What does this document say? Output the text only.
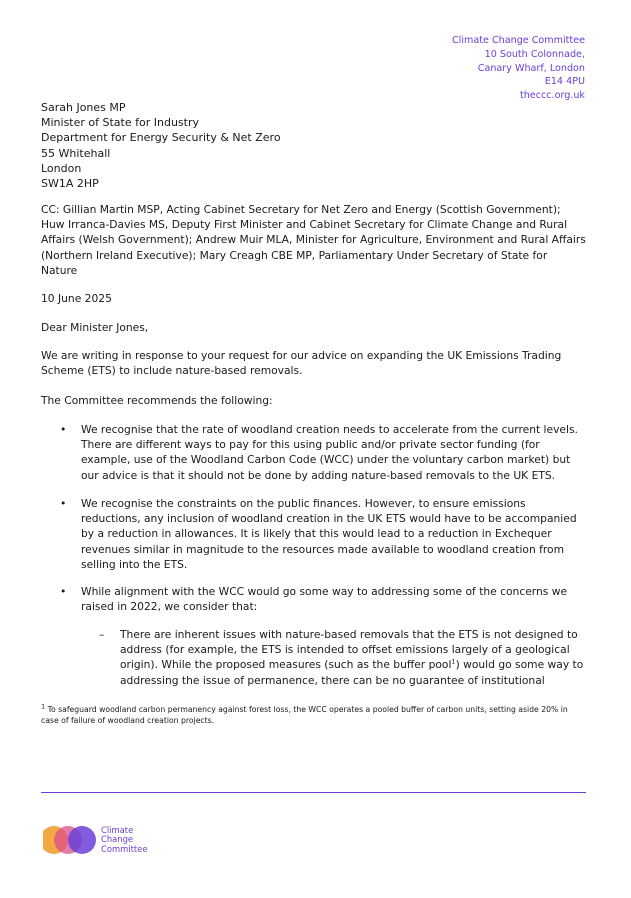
Climate Change Committee
10 South Colonnade,
Canary Wharf, London
E14 4PU
theccc.org.uk
Sarah Jones MP
Minister of State for Industry
Department for Energy Security & Net Zero
55 Whitehall
London
SW1A 2HP
CC: Gillian Martin MSP, Acting Cabinet Secretary for Net Zero and Energy (Scottish Government); Huw Irranca-Davies MS, Deputy First Minister and Cabinet Secretary for Climate Change and Rural Affairs (Welsh Government); Andrew Muir MLA, Minister for Agriculture, Environment and Rural Affairs (Northern Ireland Executive); Mary Creagh CBE MP, Parliamentary Under Secretary of State for Nature
10 June 2025
Dear Minister Jones,
We are writing in response to your request for our advice on expanding the UK Emissions Trading Scheme (ETS) to include nature-based removals.
The Committee recommends the following:
• We recognise that the rate of woodland creation needs to accelerate from the current levels. There are different ways to pay for this using public and/or private sector funding (for example, use of the Woodland Carbon Code (WCC) under the voluntary carbon market) but our advice is that it should not be done by adding nature-based removals to the UK ETS.
• We recognise the constraints on the public finances. However, to ensure emissions reductions, any inclusion of woodland creation in the UK ETS would have to be accompanied by a reduction in allowances. It is likely that this would lead to a reduction in Exchequer revenues similar in magnitude to the resources made available to woodland creation from selling into the ETS.
• While alignment with the WCC would go some way to addressing some of the concerns we raised in 2022, we consider that:
– There are inherent issues with nature-based removals that the ETS is not designed to address (for example, the ETS is intended to offset emissions largely of a geological origin). While the proposed measures (such as the buffer pool$^1$) would go some way to addressing the issue of permanence, there can be no guarantee of institutional
$^1$ To safeguard woodland carbon permanency against forest loss, the WCC operates a pooled buffer of carbon units, setting aside 20% in case of failure of woodland creation projects.
Climate
Change
Committee
